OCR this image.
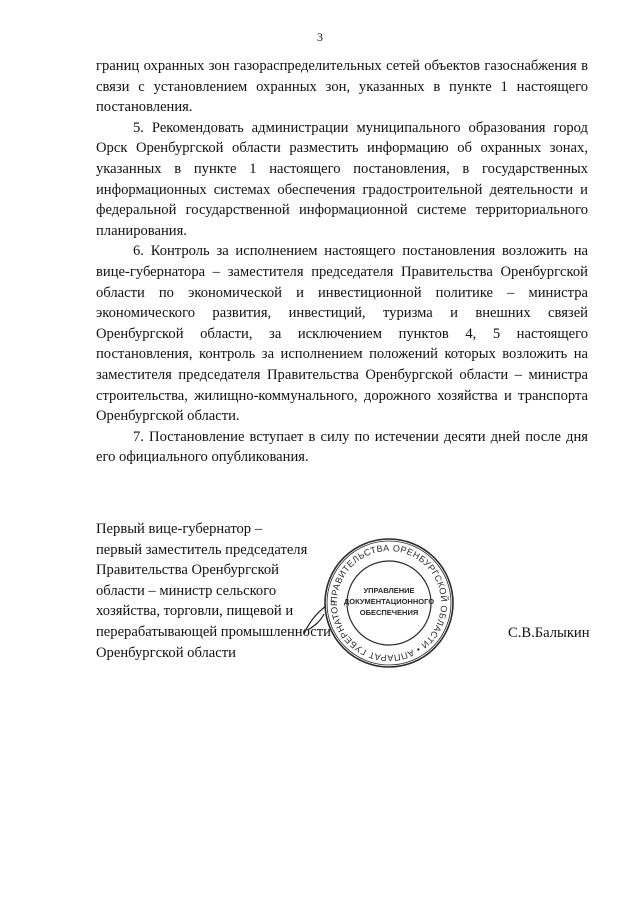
3

границ охранных зон газораспределительных сетей объектов газоснабжения в связи с установлением охранных зон, указанных в пункте 1 настоящего постановления.

5. Рекомендовать администрации муниципального образования город Орск Оренбургской области разместить информацию об охранных зонах, указанных в пункте 1 настоящего постановления, в государственных информационных системах обеспечения градостроительной деятельности и федеральной государственной информационной системе территориального планирования.

6. Контроль за исполнением настоящего постановления возложить на вице-губернатора – заместителя председателя Правительства Оренбургской области по экономической и инвестиционной политике – министра экономического развития, инвестиций, туризма и внешних связей Оренбургской области, за исключением пунктов 4, 5 настоящего постановления, контроль за исполнением положений которых возложить на заместителя председателя Правительства Оренбургской области – министра строительства, жилищно-коммунального, дорожного хозяйства и транспорта Оренбургской области.

7. Постановление вступает в силу по истечении десяти дней после дня его официального опубликования.

Первый вице-губернатор –
первый заместитель председателя
Правительства Оренбургской
области – министр сельского
хозяйства, торговли, пищевой и
перерабатывающей промышленности
Оренбургской области
ПРАВИТЕЛЬСТВА ОРЕНБУРГСКОЙ ОБЛАСТИ • АППАРАТ ГУБЕРНАТОР
УПРАВЛЕНИЕ
ДОКУМЕНТАЦИОННОГО
ОБЕСПЕЧЕНИЯ
С.В.Балыкин
